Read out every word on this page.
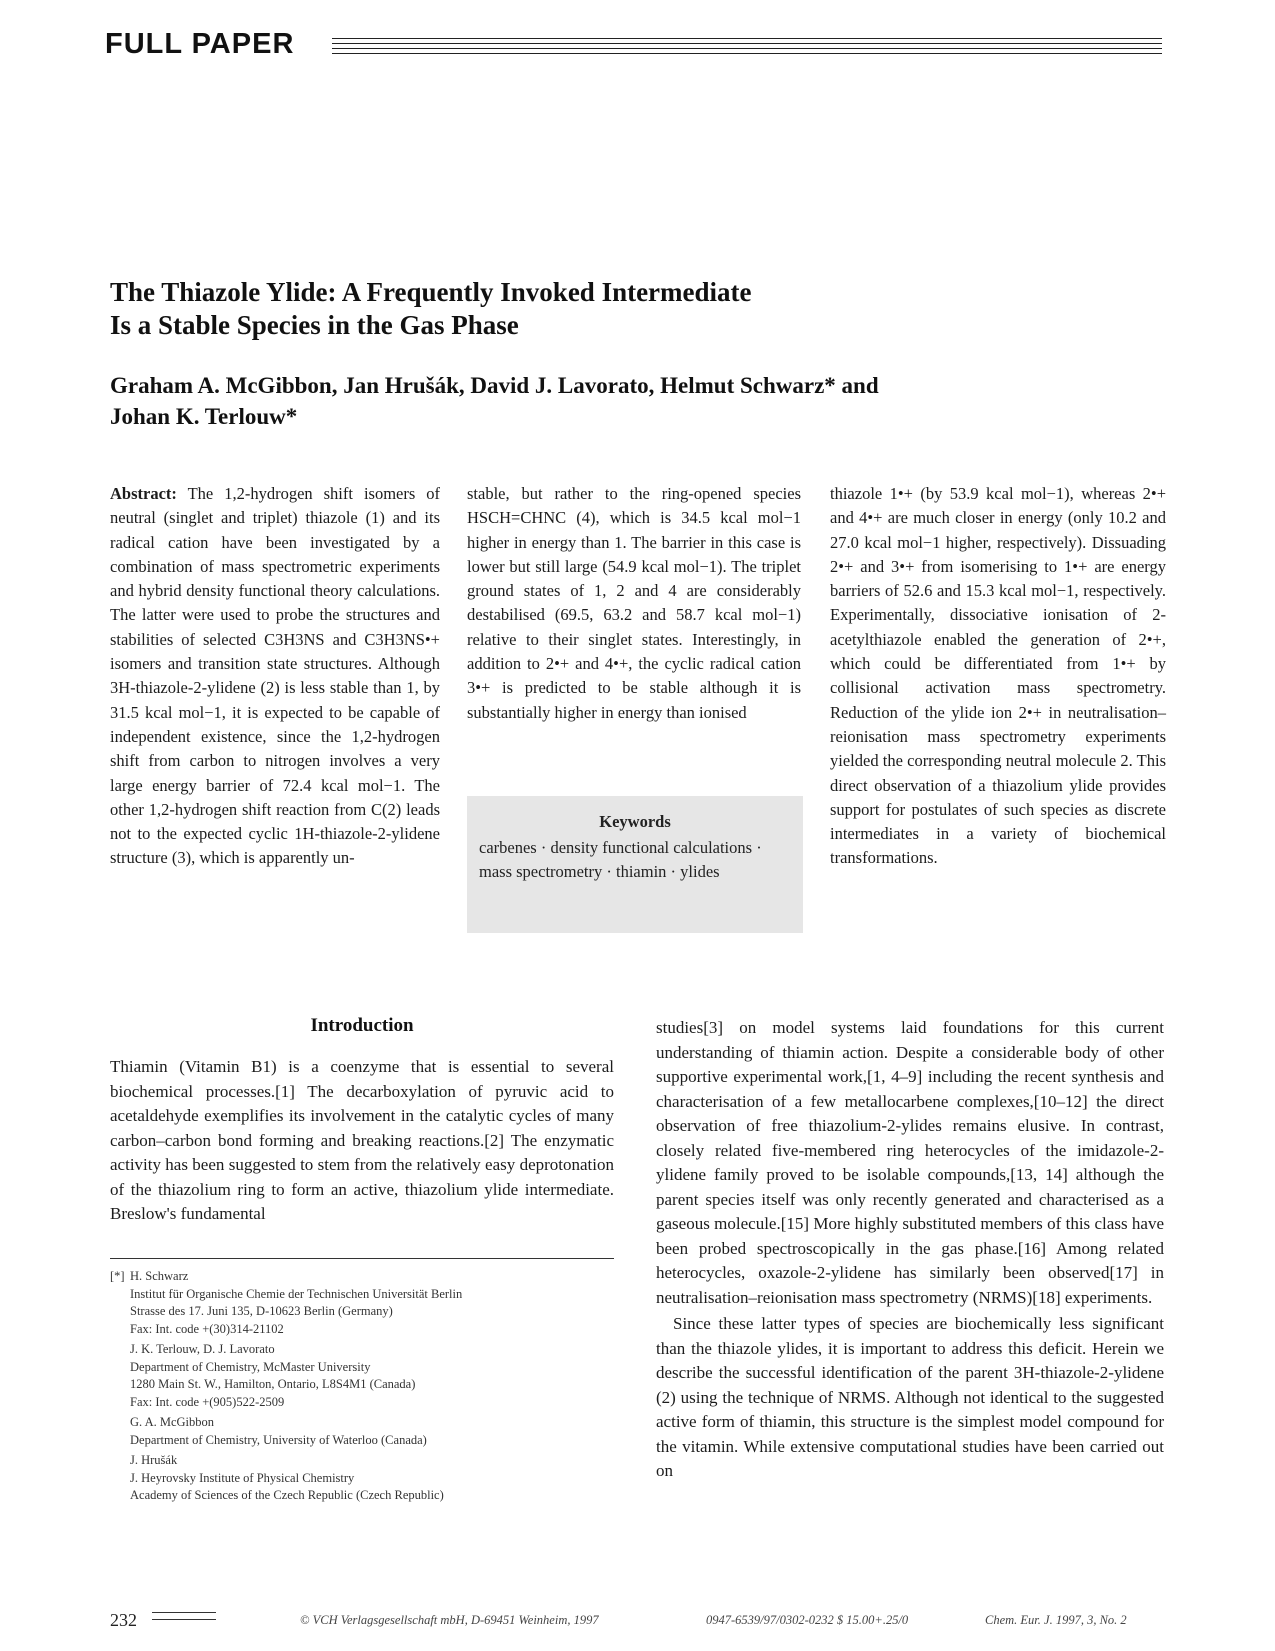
FULL PAPER
The Thiazole Ylide: A Frequently Invoked Intermediate
Is a Stable Species in the Gas Phase
Graham A. McGibbon, Jan Hrušák, David J. Lavorato, Helmut Schwarz* and
Johan K. Terlouw*

Abstract: The 1,2-hydrogen shift isomers of neutral (singlet and triplet) thiazole (1) and its radical cation have been investigated by a combination of mass spectrometric experiments and hybrid density functional theory calculations. The latter were used to probe the structures and stabilities of selected C3H3NS and C3H3NS•+ isomers and transition state structures. Although 3H-thiazole-2-ylidene (2) is less stable than 1, by 31.5 kcal mol−1, it is expected to be capable of independent existence, since the 1,2-hydrogen shift from carbon to nitrogen involves a very large energy barrier of 72.4 kcal mol−1. The other 1,2-hydrogen shift reaction from C(2) leads not to the expected cyclic 1H-thiazole-2-ylidene structure (3), which is apparently un-

stable, but rather to the ring-opened species HSCH=CHNC (4), which is 34.5 kcal mol−1 higher in energy than 1. The barrier in this case is lower but still large (54.9 kcal mol−1). The triplet ground states of 1, 2 and 4 are considerably destabilised (69.5, 63.2 and 58.7 kcal mol−1) relative to their singlet states. Interestingly, in addition to 2•+ and 4•+, the cyclic radical cation 3•+ is predicted to be stable although it is substantially higher in energy than ionised

thiazole 1•+ (by 53.9 kcal mol−1), whereas 2•+ and 4•+ are much closer in energy (only 10.2 and 27.0 kcal mol−1 higher, respectively). Dissuading 2•+ and 3•+ from isomerising to 1•+ are energy barriers of 52.6 and 15.3 kcal mol−1, respectively. Experimentally, dissociative ionisation of 2-acetylthiazole enabled the generation of 2•+, which could be differentiated from 1•+ by collisional activation mass spectrometry. Reduction of the ylide ion 2•+ in neutralisation–reionisation mass spectrometry experiments yielded the corresponding neutral molecule 2. This direct observation of a thiazolium ylide provides support for postulates of such species as discrete intermediates in a variety of biochemical transformations.

Keywords
carbenes · density functional calculations · mass spectrometry · thiamin · ylides
Introduction

Thiamin (Vitamin B1) is a coenzyme that is essential to several biochemical processes.[1] The decarboxylation of pyruvic acid to acetaldehyde exemplifies its involvement in the catalytic cycles of many carbon–carbon bond forming and breaking reactions.[2] The enzymatic activity has been suggested to stem from the relatively easy deprotonation of the thiazolium ring to form an active, thiazolium ylide intermediate. Breslow's fundamental

studies[3] on model systems laid foundations for this current understanding of thiamin action. Despite a considerable body of other supportive experimental work,[1, 4–9] including the recent synthesis and characterisation of a few metallocarbene complexes,[10–12] the direct observation of free thiazolium-2-ylides remains elusive. In contrast, closely related five-membered ring heterocycles of the imidazole-2-ylidene family proved to be isolable compounds,[13, 14] although the parent species itself was only recently generated and characterised as a gaseous molecule.[15] More highly substituted members of this class have been probed spectroscopically in the gas phase.[16] Among related heterocycles, oxazole-2-ylidene has similarly been observed[17] in neutralisation–reionisation mass spectrometry (NRMS)[18] experiments.

Since these latter types of species are biochemically less significant than the thiazole ylides, it is important to address this deficit. Herein we describe the successful identification of the parent 3H-thiazole-2-ylidene (2) using the technique of NRMS. Although not identical to the suggested active form of thiamin, this structure is the simplest model compound for the vitamin. While extensive computational studies have been carried out on

[*] H. Schwarz
Institut für Organische Chemie der Technischen Universität Berlin
Strasse des 17. Juni 135, D-10623 Berlin (Germany)
Fax: Int. code +(30)314-21102
J. K. Terlouw, D. J. Lavorato
Department of Chemistry, McMaster University
1280 Main St. W., Hamilton, Ontario, L8S4M1 (Canada)
Fax: Int. code +(905)522-2509
G. A. McGibbon
Department of Chemistry, University of Waterloo (Canada)
J. Hrušák
J. Heyrovsky Institute of Physical Chemistry
Academy of Sciences of the Czech Republic (Czech Republic)
232	© VCH Verlagsgesellschaft mbH, D-69451 Weinheim, 1997	0947-6539/97/0302-0232 $ 15.00+.25/0	Chem. Eur. J. 1997, 3, No. 2
